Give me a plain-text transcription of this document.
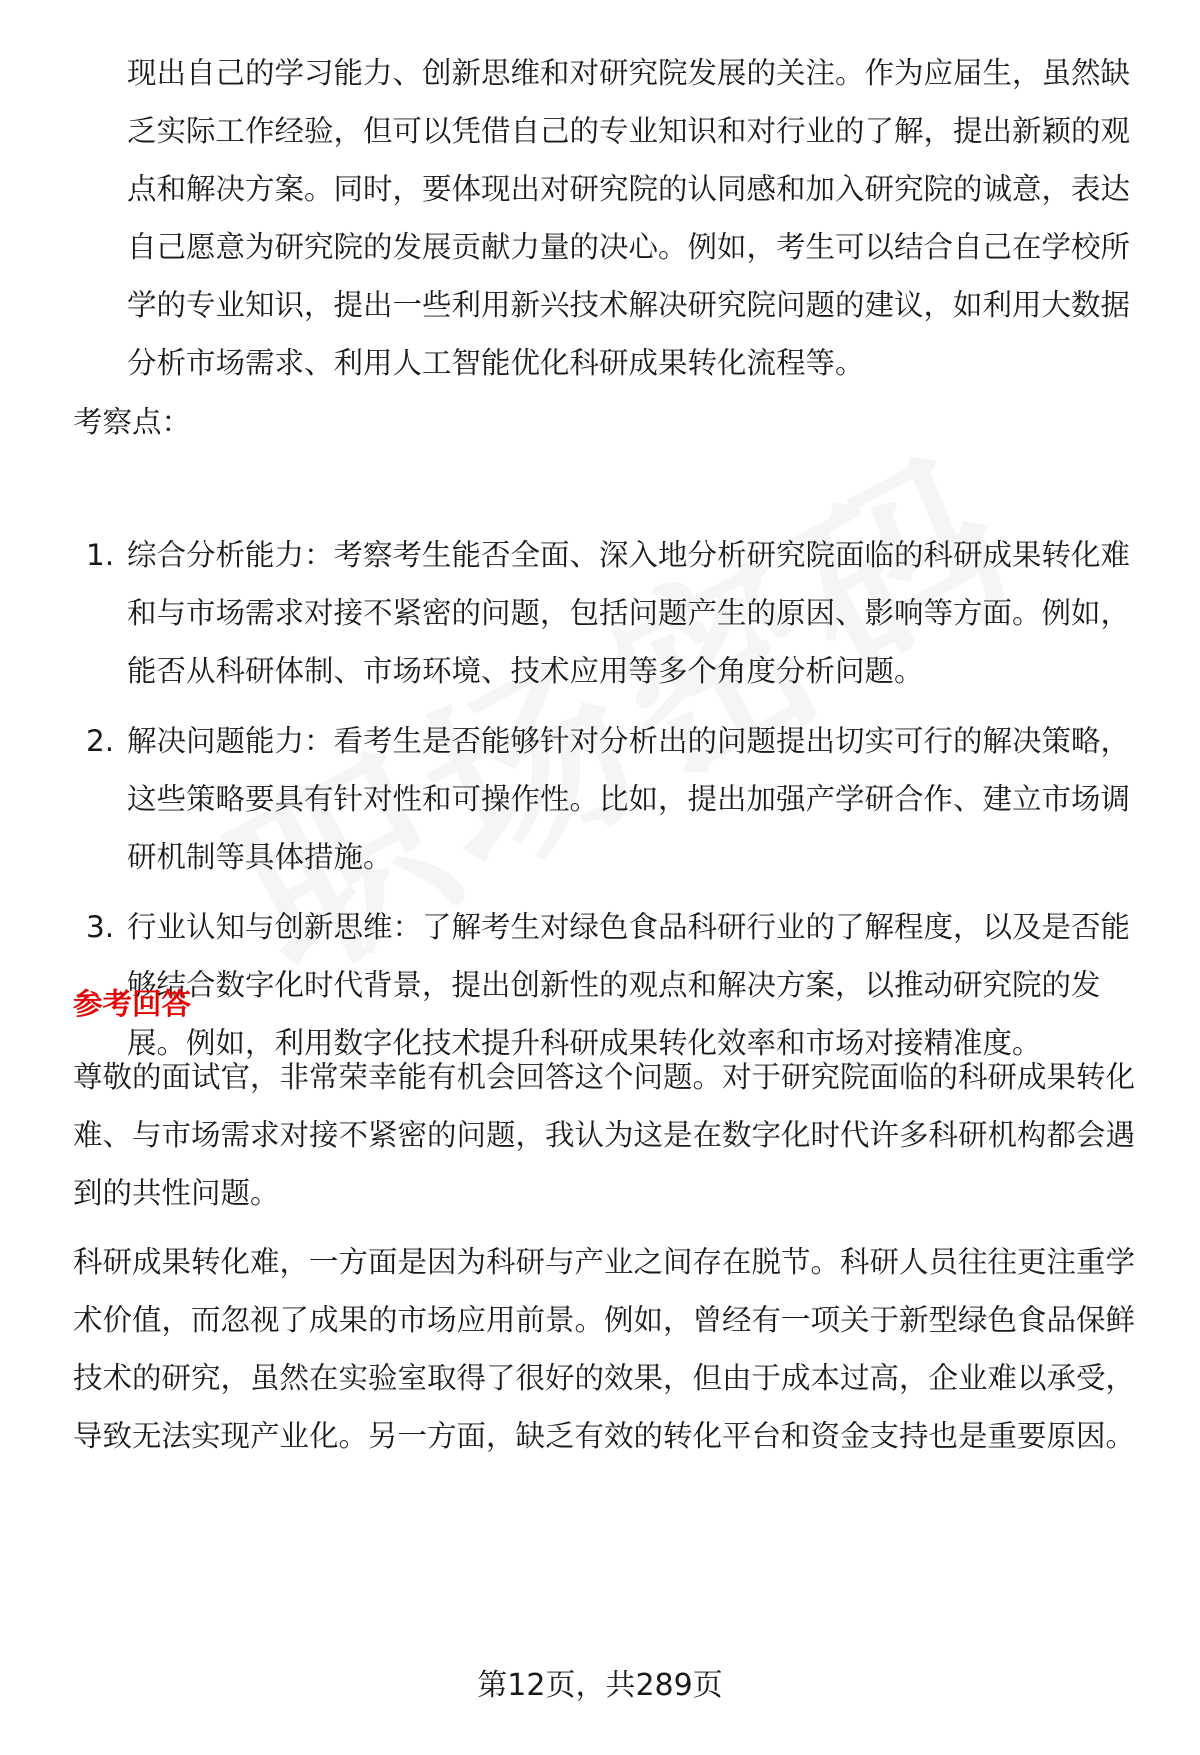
现出自己的学习能力、创新思维和对研究院发展的关注。作为应届生，虽然缺乏实际工作经验，但可以凭借自己的专业知识和对行业的了解，提出新颖的观点和解决方案。同时，要体现出对研究院的认同感和加入研究院的诚意，表达自己愿意为研究院的发展贡献力量的决心。例如，考生可以结合自己在学校所学的专业知识，提出一些利用新兴技术解决研究院问题的建议，如利用大数据分析市场需求、利用人工智能优化科研成果转化流程等。

考察点：

1. 综合分析能力：考察考生能否全面、深入地分析研究院面临的科研成果转化难和与市场需求对接不紧密的问题，包括问题产生的原因、影响等方面。例如，能否从科研体制、市场环境、技术应用等多个角度分析问题。
2. 解决问题能力：看考生是否能够针对分析出的问题提出切实可行的解决策略，这些策略要具有针对性和可操作性。比如，提出加强产学研合作、建立市场调研机制等具体措施。
3. 行业认知与创新思维：了解考生对绿色食品科研行业的了解程度，以及是否能够结合数字化时代背景，提出创新性的观点和解决方案，以推动研究院的发展。例如，利用数字化技术提升科研成果转化效率和市场对接精准度。

参考回答

尊敬的面试官，非常荣幸能有机会回答这个问题。对于研究院面临的科研成果转化难、与市场需求对接不紧密的问题，我认为这是在数字化时代许多科研机构都会遇到的共性问题。

科研成果转化难，一方面是因为科研与产业之间存在脱节。科研人员往往更注重学术价值，而忽视了成果的市场应用前景。例如，曾经有一项关于新型绿色食品保鲜技术的研究，虽然在实验室取得了很好的效果，但由于成本过高，企业难以承受，导致无法实现产业化。另一方面，缺乏有效的转化平台和资金支持也是重要原因。

第12页，共289页
